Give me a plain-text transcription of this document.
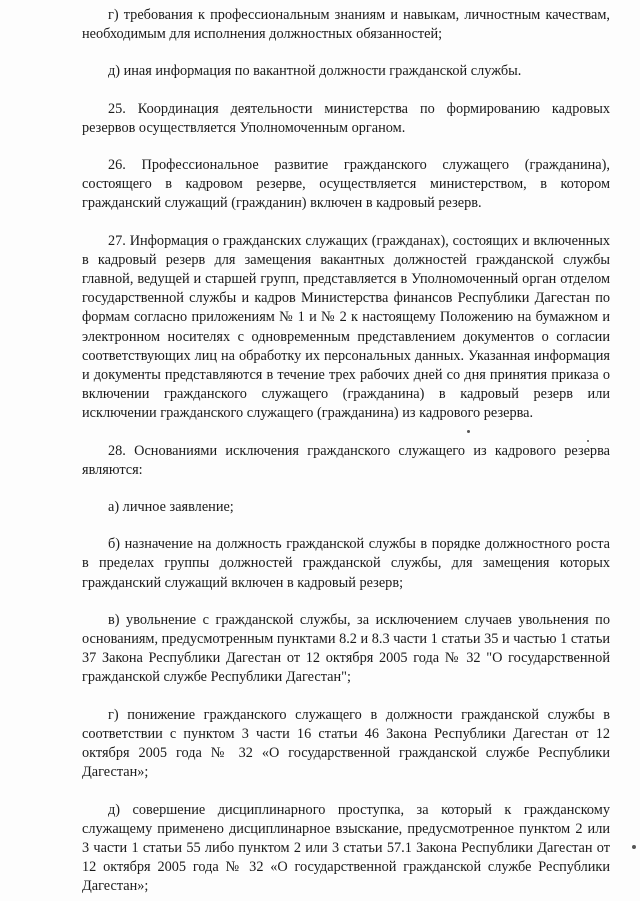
г) требования к профессиональным знаниям и навыкам, личностным качествам, необходимым для исполнения должностных обязанностей;

д) иная информация по вакантной должности гражданской службы.

25. Координация деятельности министерства по формированию кадровых резервов осуществляется Уполномоченным органом.

26. Профессиональное развитие гражданского служащего (гражданина), состоящего в кадровом резерве, осуществляется министерством, в котором гражданский служащий (гражданин) включен в кадровый резерв.

27. Информация о гражданских служащих (гражданах), состоящих и включенных в кадровый резерв для замещения вакантных должностей гражданской службы главной, ведущей и старшей групп, представляется в Уполномоченный орган отделом государственной службы и кадров Министерства финансов Республики Дагестан по формам согласно приложениям № 1 и № 2 к настоящему Положению на бумажном и электронном носителях с одновременным представлением документов о согласии соответствующих лиц на обработку их персональных данных. Указанная информация и документы представляются в течение трех рабочих дней со дня принятия приказа о включении гражданского служащего (гражданина) в кадровый резерв или исключении гражданского служащего (гражданина) из кадрового резерва.

28. Основаниями исключения гражданского служащего из кадрового резерва являются:

а) личное заявление;

б) назначение на должность гражданской службы в порядке должностного роста в пределах группы должностей гражданской службы, для замещения которых гражданский служащий включен в кадровый резерв;

в) увольнение с гражданской службы, за исключением случаев увольнения по основаниям, предусмотренным пунктами 8.2 и 8.3 части 1 статьи 35 и частью 1 статьи 37 Закона Республики Дагестан от 12 октября 2005 года № 32 "О государственной гражданской службе Республики Дагестан";

г) понижение гражданского служащего в должности гражданской службы в соответствии с пунктом 3 части 16 статьи 46 Закона Республики Дагестан от 12 октября 2005 года № 32 «О государственной гражданской службе Республики Дагестан»;

д) совершение дисциплинарного проступка, за который к гражданскому служащему применено дисциплинарное взыскание, предусмотренное пунктом 2 или 3 части 1 статьи 55 либо пунктом 2 или 3 статьи 57.1 Закона Республики Дагестан от 12 октября 2005 года № 32 «О государственной гражданской службе Республики Дагестан»;
